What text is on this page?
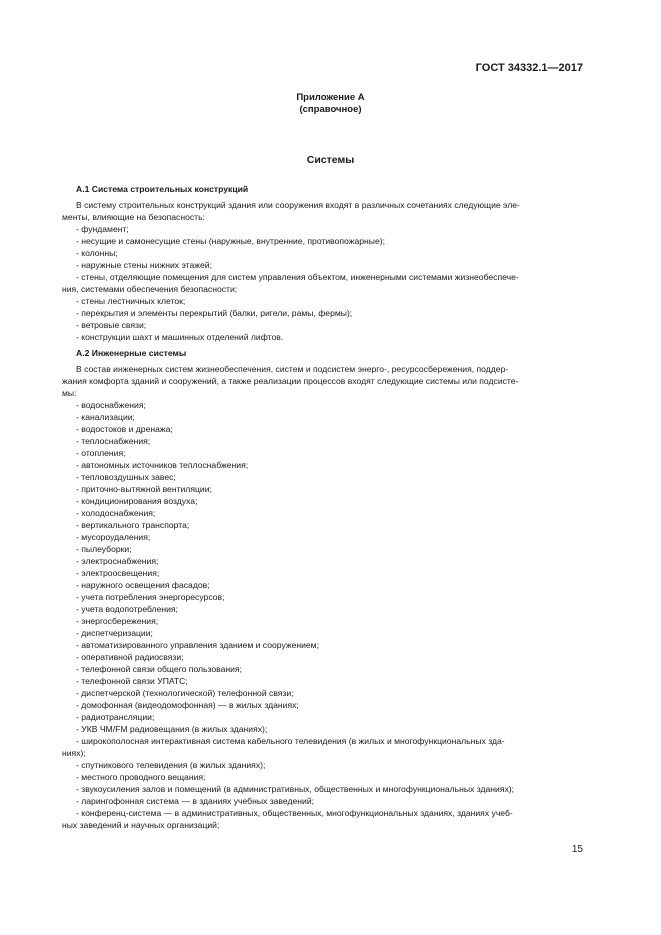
ГОСТ 34332.1—2017
Приложение А
(справочное)
Системы

А.1 Система строительных конструкций

В систему строительных конструкций здания или сооружения входят в различных сочетаниях следующие эле-

менты, влияющие на безопасность:

- фундамент;

- несущие и самонесущие стены (наружные, внутренние, противопожарные);

- колонны;

- наружные стены нижних этажей;

- стены, отделяющие помещения для систем управления объектом, инженерными системами жизнеобеспече-

ния, системами обеспечения безопасности;

- стены лестничных клеток;

- перекрытия и элементы перекрытий (балки, ригели, рамы, фермы);

- ветровые связи;

- конструкции шахт и машинных отделений лифтов.

А.2 Инженерные системы

В состав инженерных систем жизнеобеспечения, систем и подсистем энерго-, ресурсосбережения, поддер-

жания комфорта зданий и сооружений, а также реализации процессов входят следующие системы или подсисте-

мы:

- водоснабжения;

- канализации;

- водостоков и дренажа;

- теплоснабжения;

- отопления;

- автономных источников теплоснабжения;

- тепловоздушных завес;

- приточно-вытяжной вентиляции;

- кондиционирования воздуха;

- холодоснабжения;

- вертикального транспорта;

- мусороудаления;

- пылеуборки;

- электроснабжения;

- электроосвещения;

- наружного освещения фасадов;

- учета потребления энергоресурсов;

- учета водопотребления;

- энергосбережения;

- диспетчеризации;

- автоматизированного управления зданием и сооружением;

- оперативной радиосвязи;

- телефонной связи общего пользования;

- телефонной связи УПАТС;

- диспетчерской (технологической) телефонной связи;

- домофонная (видеодомофонная) — в жилых зданиях;

- радиотрансляции;

- УКВ ЧМ/FM радиовещания (в жилых зданиях);

- широкополосная интерактивная система кабельного телевидения (в жилых и многофункциональных зда-

ниях);

- спутникового телевидения (в жилых зданиях);

- местного проводного вещания;

- звукоусиления залов и помещений (в административных, общественных и многофункциональных зданиях);

- ларингофонная система — в зданиях учебных заведений;

- конференц-система — в административных, общественных, многофункциональных зданиях, зданиях учеб-

ных заведений и научных организаций;

15
